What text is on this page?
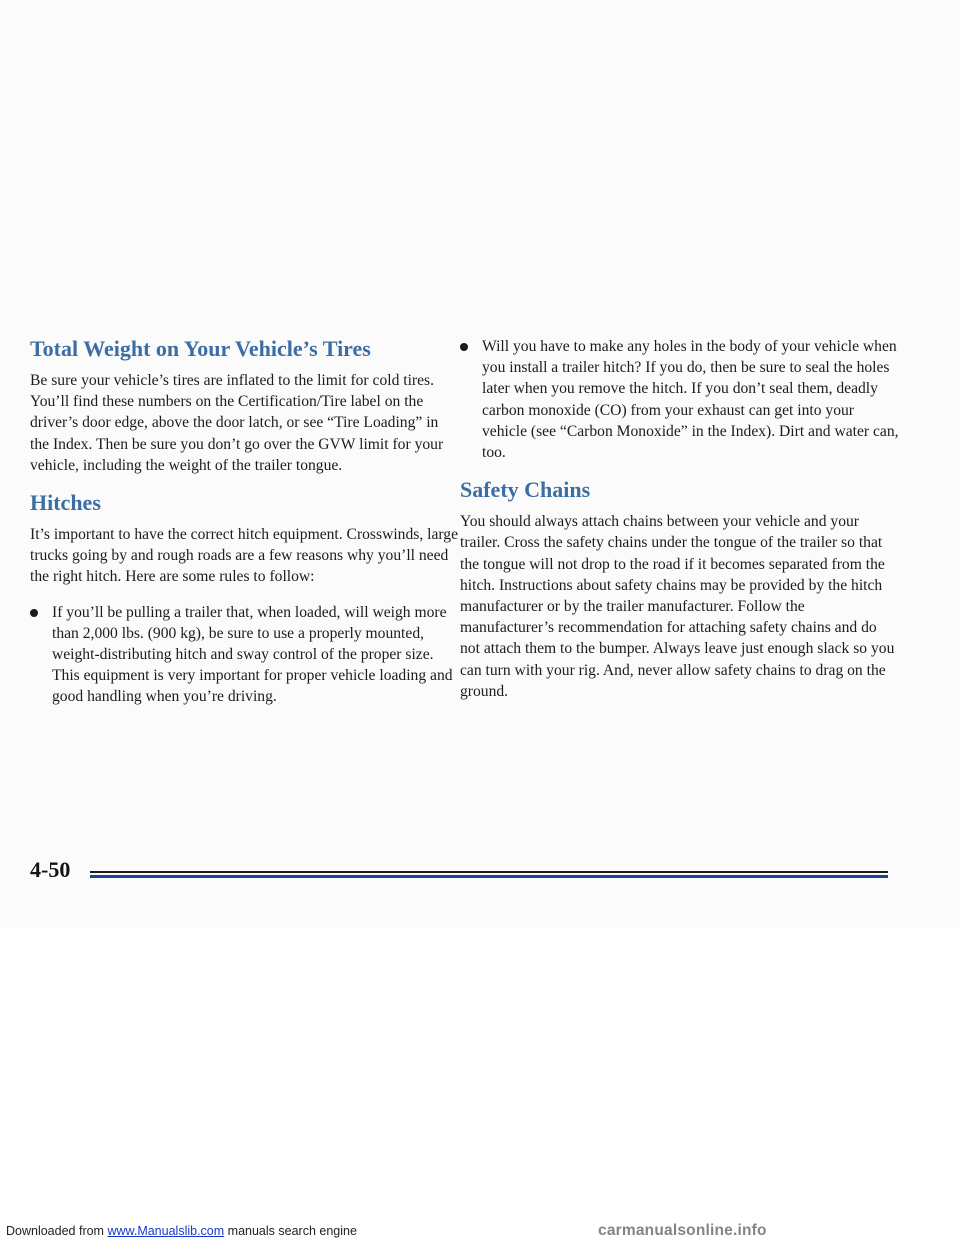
Total Weight on Your Vehicle’s Tires

Be sure your vehicle’s tires are inflated to the limit for cold tires. You’ll find these numbers on the Certification/Tire label on the driver’s door edge, above the door latch, or see “Tire Loading” in the Index. Then be sure you don’t go over the GVW limit for your vehicle, including the weight of the trailer tongue.

Hitches

It’s important to have the correct hitch equipment. Crosswinds, large trucks going by and rough roads are a few reasons why you’ll need the right hitch. Here are some rules to follow:

If you’ll be pulling a trailer that, when loaded, will weigh more than 2,000 lbs. (900 kg), be sure to use a properly mounted, weight-distributing hitch and sway control of the proper size. This equipment is very important for proper vehicle loading and good handling when you’re driving.

Will you have to make any holes in the body of your vehicle when you install a trailer hitch? If you do, then be sure to seal the holes later when you remove the hitch. If you don’t seal them, deadly carbon monoxide (CO) from your exhaust can get into your vehicle (see “Carbon Monoxide” in the Index). Dirt and water can, too.

Safety Chains

You should always attach chains between your vehicle and your trailer. Cross the safety chains under the tongue of the trailer so that the tongue will not drop to the road if it becomes separated from the hitch. Instructions about safety chains may be provided by the hitch manufacturer or by the trailer manufacturer. Follow the manufacturer’s recommendation for attaching safety chains and do not attach them to the bumper. Always leave just enough slack so you can turn with your rig. And, never allow safety chains to drag on the ground.

4-50
Downloaded from www.Manualslib.com manuals search engine	carmanualsonline.info
